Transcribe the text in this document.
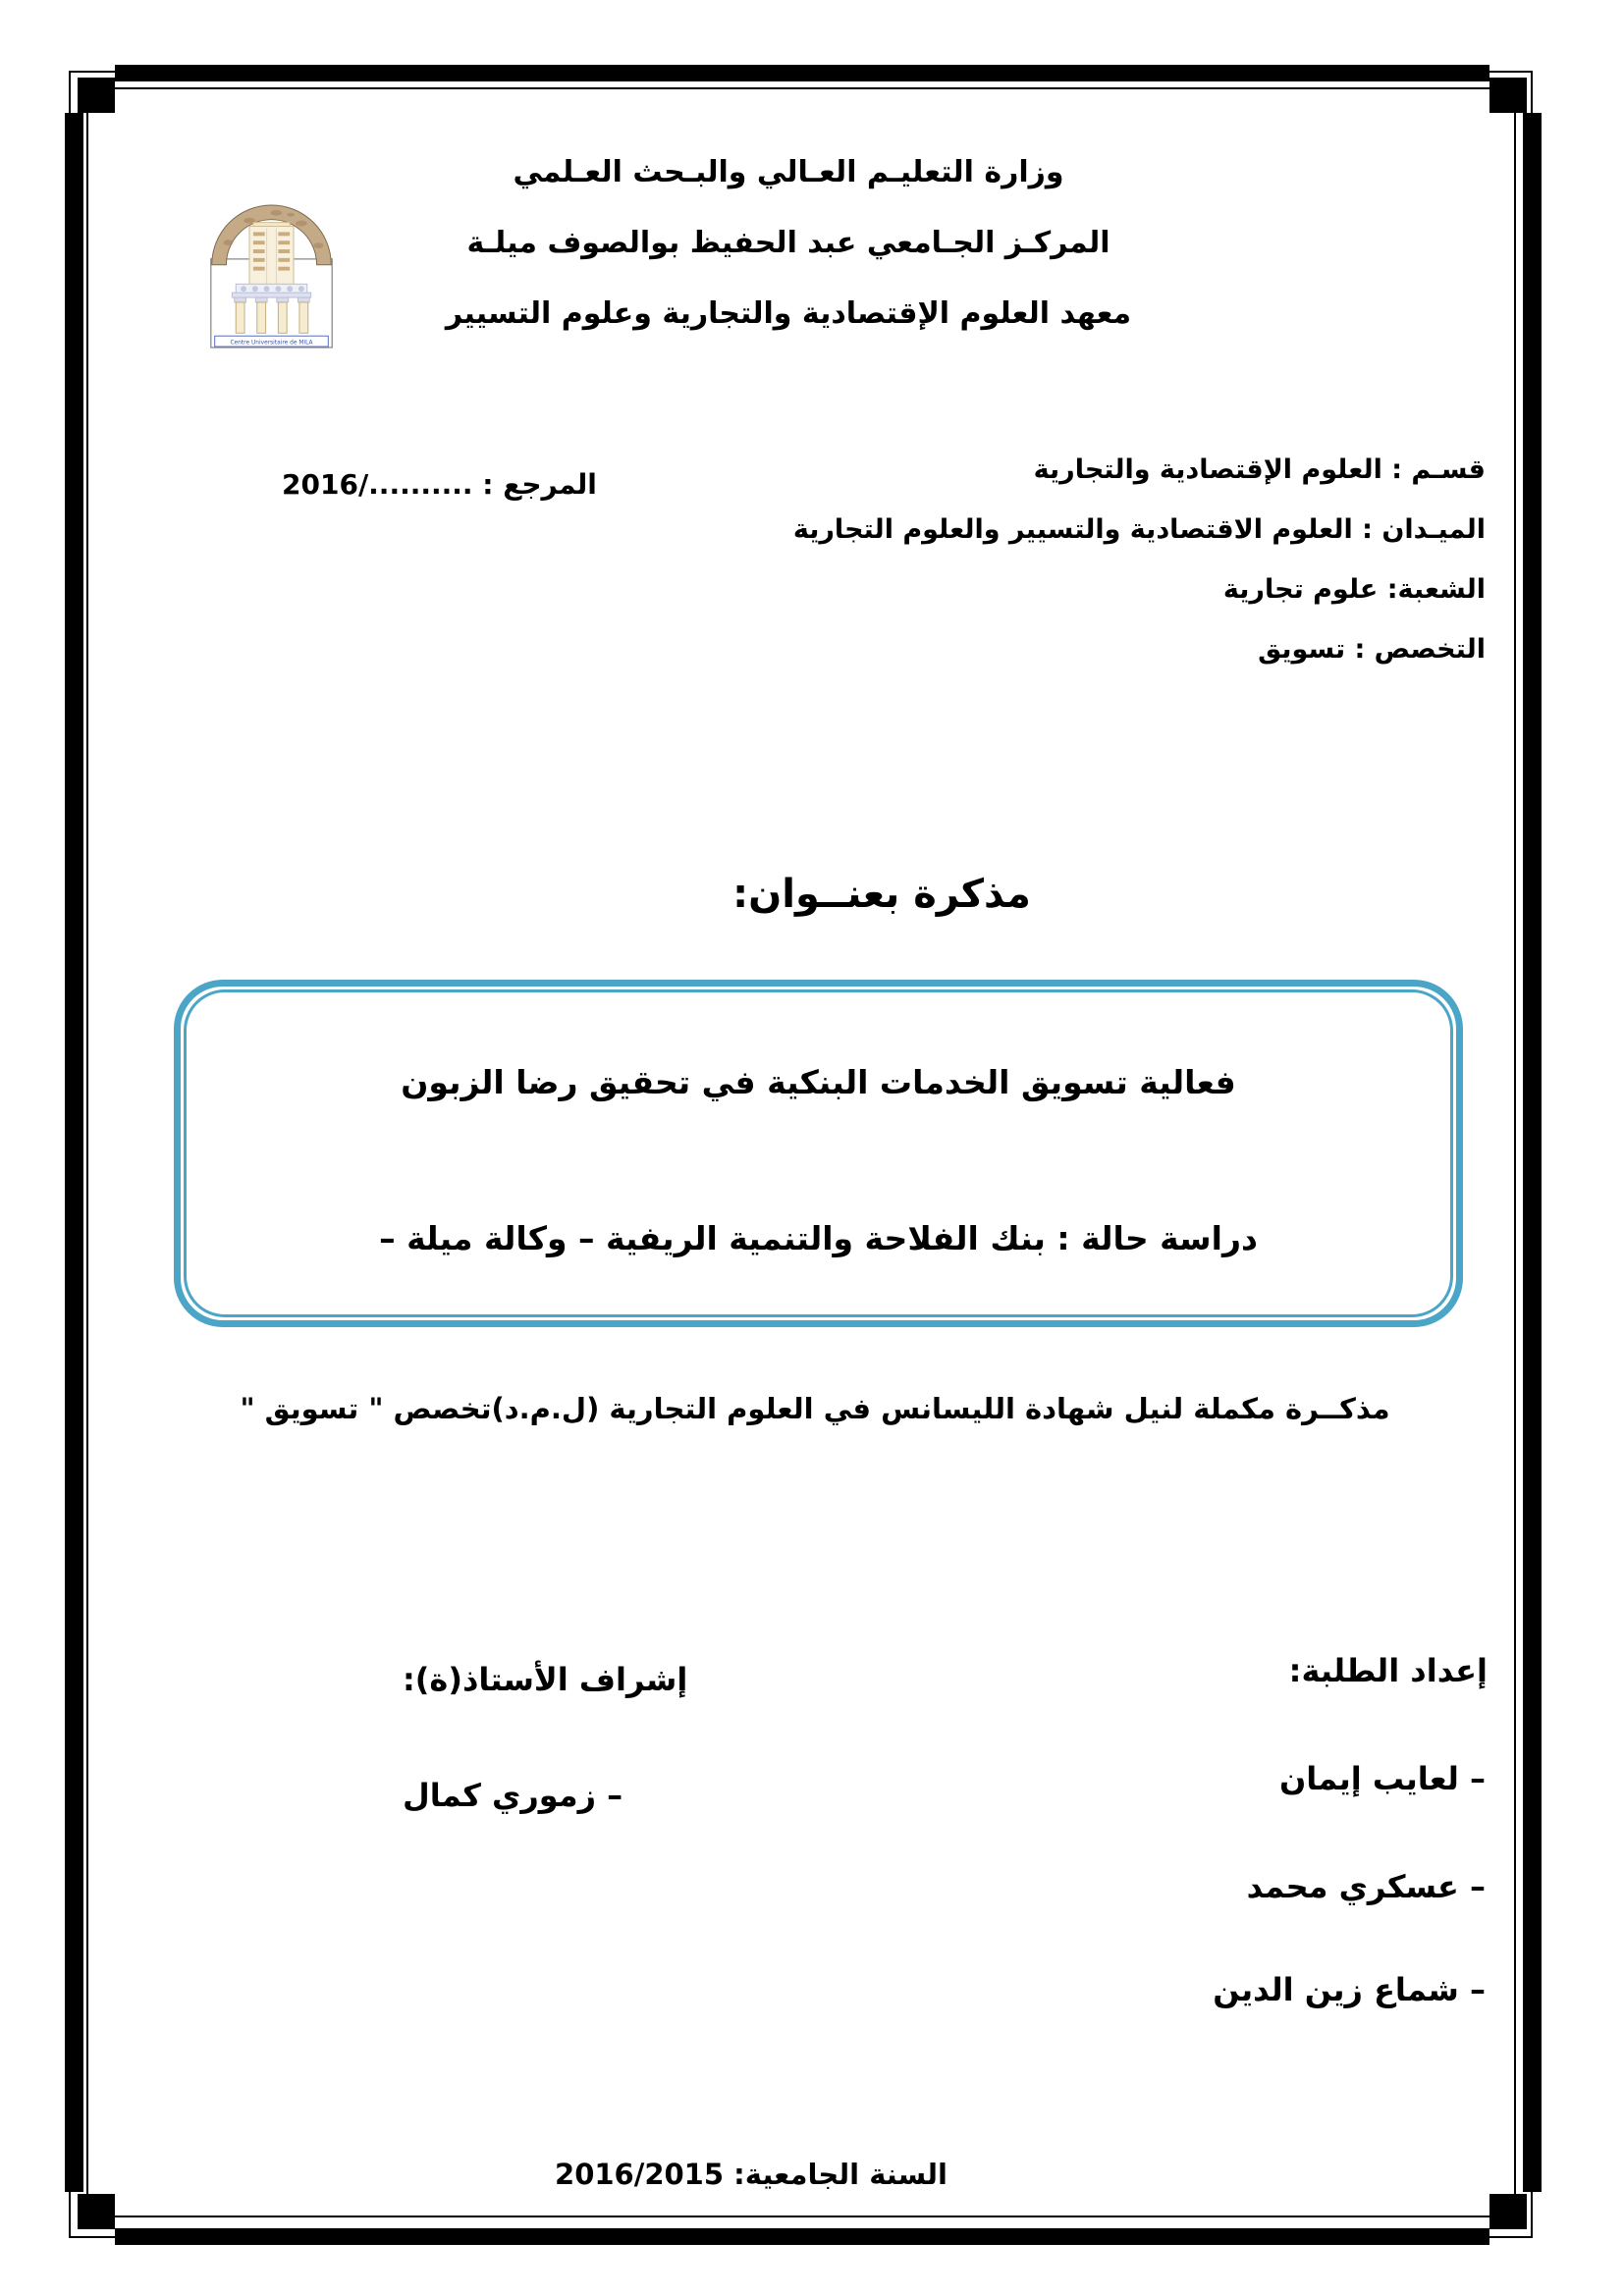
Centre Universitaire de MILA
وزارة التعليـم العـالي والبـحث العـلمي
المركـز الجـامعي عبد الحفيظ بوالصوف ميلـة
معهد العلوم الإقتصادية والتجارية وعلوم التسيير
قسـم : العلوم الإقتصادية والتجارية
الميـدان : العلوم الاقتصادية والتسيير والعلوم التجارية
الشعبة: علوم تجارية
التخصص : تسويق
المرجع : ........../2016
مذكرة بعنــوان:
فعالية تسويق الخدمات البنكية في تحقيق رضا الزبون
دراسة حالة : بنك الفلاحة والتنمية الريفية – وكالة ميلة –
مذكــرة مكملة لنيل شهادة الليسانس في العلوم التجارية (ل.م.د)تخصص " تسويق "
إعداد الطلبة:
– لعايب إيمان
– عسكري محمد
– شماع زين الدين
إشراف الأستاذ(ة):
– زموري كمال
السنة الجامعية: 2016/2015
